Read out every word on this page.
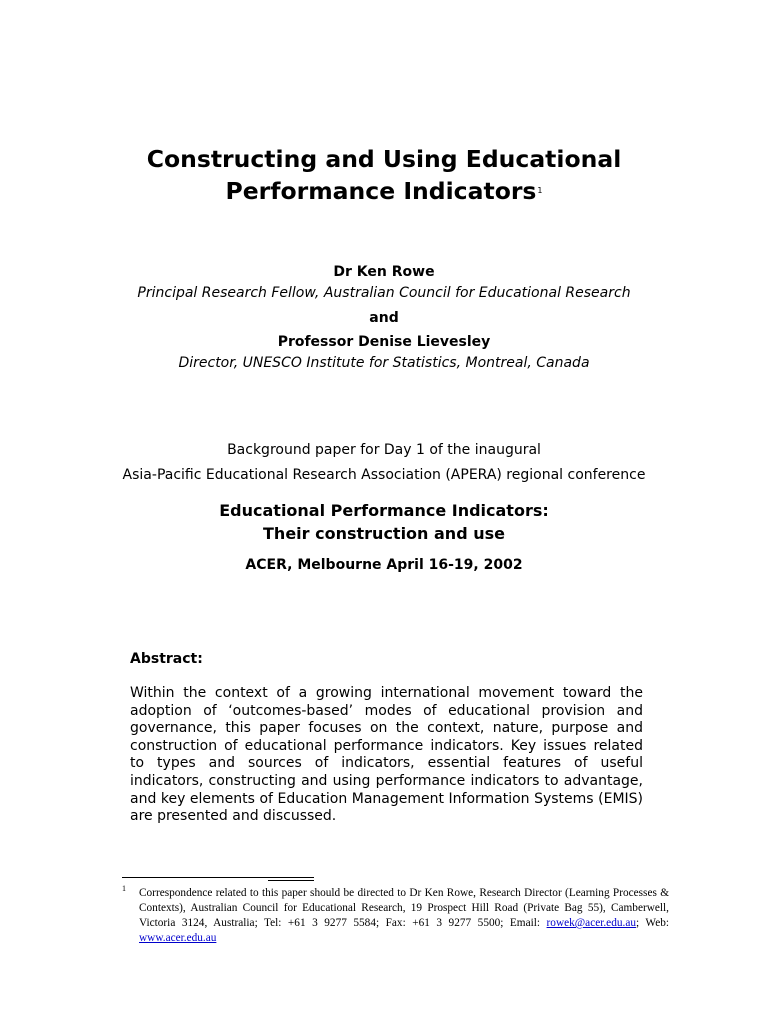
Constructing and Using Educational
Performance Indicators$^1$
Dr Ken Rowe
Principal Research Fellow, Australian Council for Educational Research
and
Professor Denise Lievesley
Director, UNESCO Institute for Statistics, Montreal, Canada
Background paper for Day 1 of the inaugural
Asia-Pacific Educational Research Association (APERA) regional conference
Educational Performance Indicators:
Their construction and use
ACER, Melbourne April 16-19, 2002
Abstract:
Within the context of a growing international movement toward the adoption of ‘outcomes-based’ modes of educational provision and governance, this paper focuses on the context, nature, purpose and construction of educational performance indicators. Key issues related to types and sources of indicators, essential features of useful indicators, constructing and using performance indicators to advantage, and key elements of Education Management Information Systems (EMIS) are presented and discussed.
1 Correspondence related to this paper should be directed to Dr Ken Rowe, Research Director (Learning Processes & Contexts), Australian Council for Educational Research, 19 Prospect Hill Road (Private Bag 55), Camberwell, Victoria 3124, Australia; Tel: +61 3 9277 5584; Fax: +61 3 9277 5500; Email: rowek@acer.edu.au; Web: www.acer.edu.au
